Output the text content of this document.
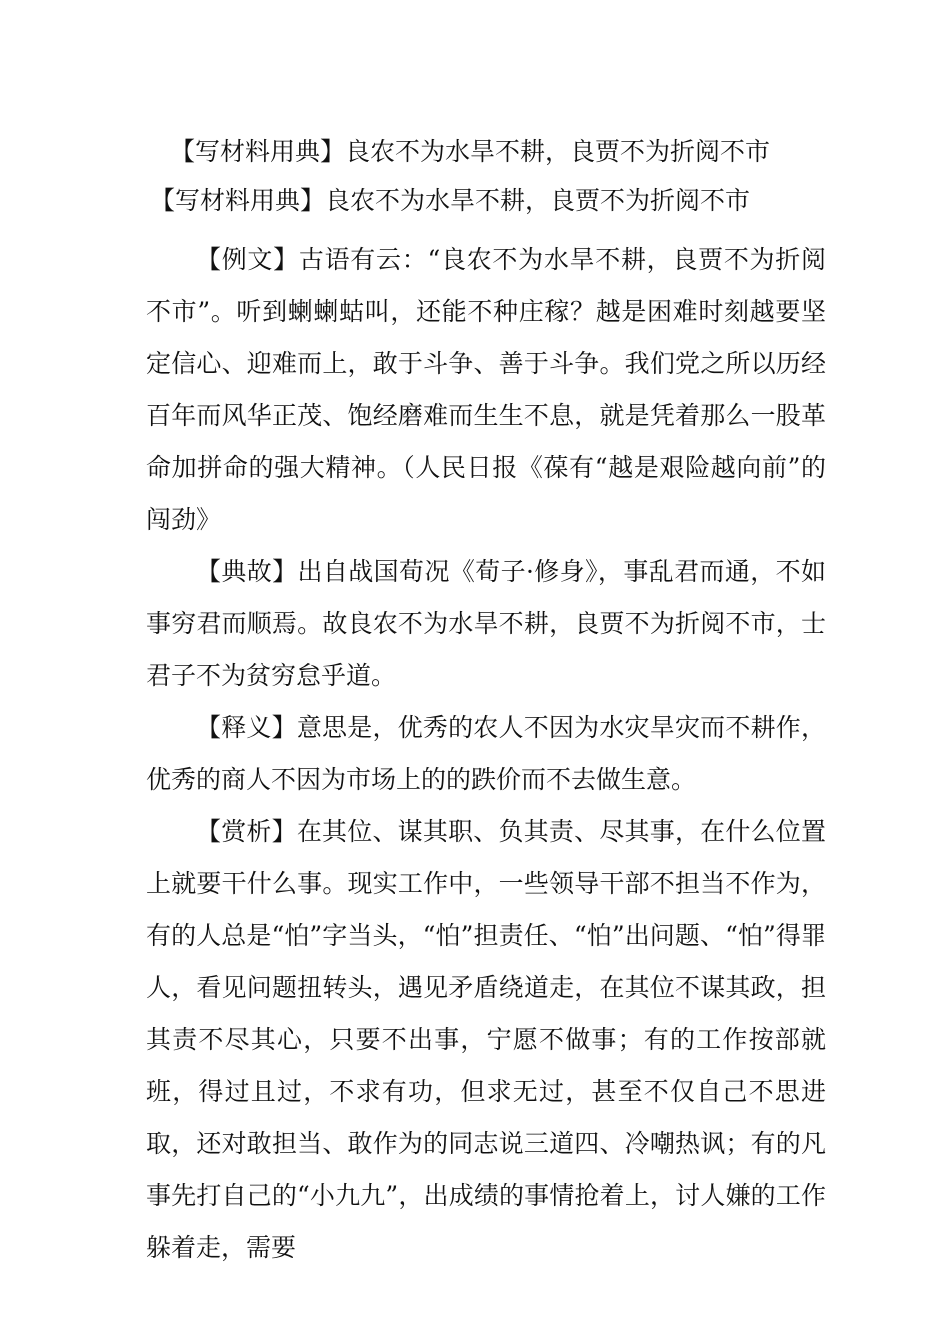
【写材料用典】良农不为水旱不耕，良贾不为折阅不市
【写材料用典】良农不为水旱不耕，良贾不为折阅不市

【例文】古语有云：“良农不为水旱不耕，良贾不为折阅不市”。听到蝲蝲蛄叫，还能不种庄稼？越是困难时刻越要坚定信心、迎难而上，敢于斗争、善于斗争。我们党之所以历经百年而风华正茂、饱经磨难而生生不息，就是凭着那么一股革命加拼命的强大精神。（人民日报《葆有“越是艰险越向前”的闯劲》

【典故】出自战国荀况《荀子·修身》，事乱君而通，不如事穷君而顺焉。故良农不为水旱不耕，良贾不为折阅不市，士君子不为贫穷怠乎道。

【释义】意思是，优秀的农人不因为水灾旱灾而不耕作，优秀的商人不因为市场上的的跌价而不去做生意。

【赏析】在其位、谋其职、负其责、尽其事，在什么位置上就要干什么事。现实工作中，一些领导干部不担当不作为，有的人总是“怕”字当头，“怕”担责任、“怕”出问题、“怕”得罪人，看见问题扭转头，遇见矛盾绕道走，在其位不谋其政，担其责不尽其心，只要不出事，宁愿不做事；有的工作按部就班，得过且过，不求有功，但求无过，甚至不仅自己不思进取，还对敢担当、敢作为的同志说三道四、冷嘲热讽；有的凡事先打自己的“小九九”，出成绩的事情抢着上，讨人嫌的工作躲着走，需要
